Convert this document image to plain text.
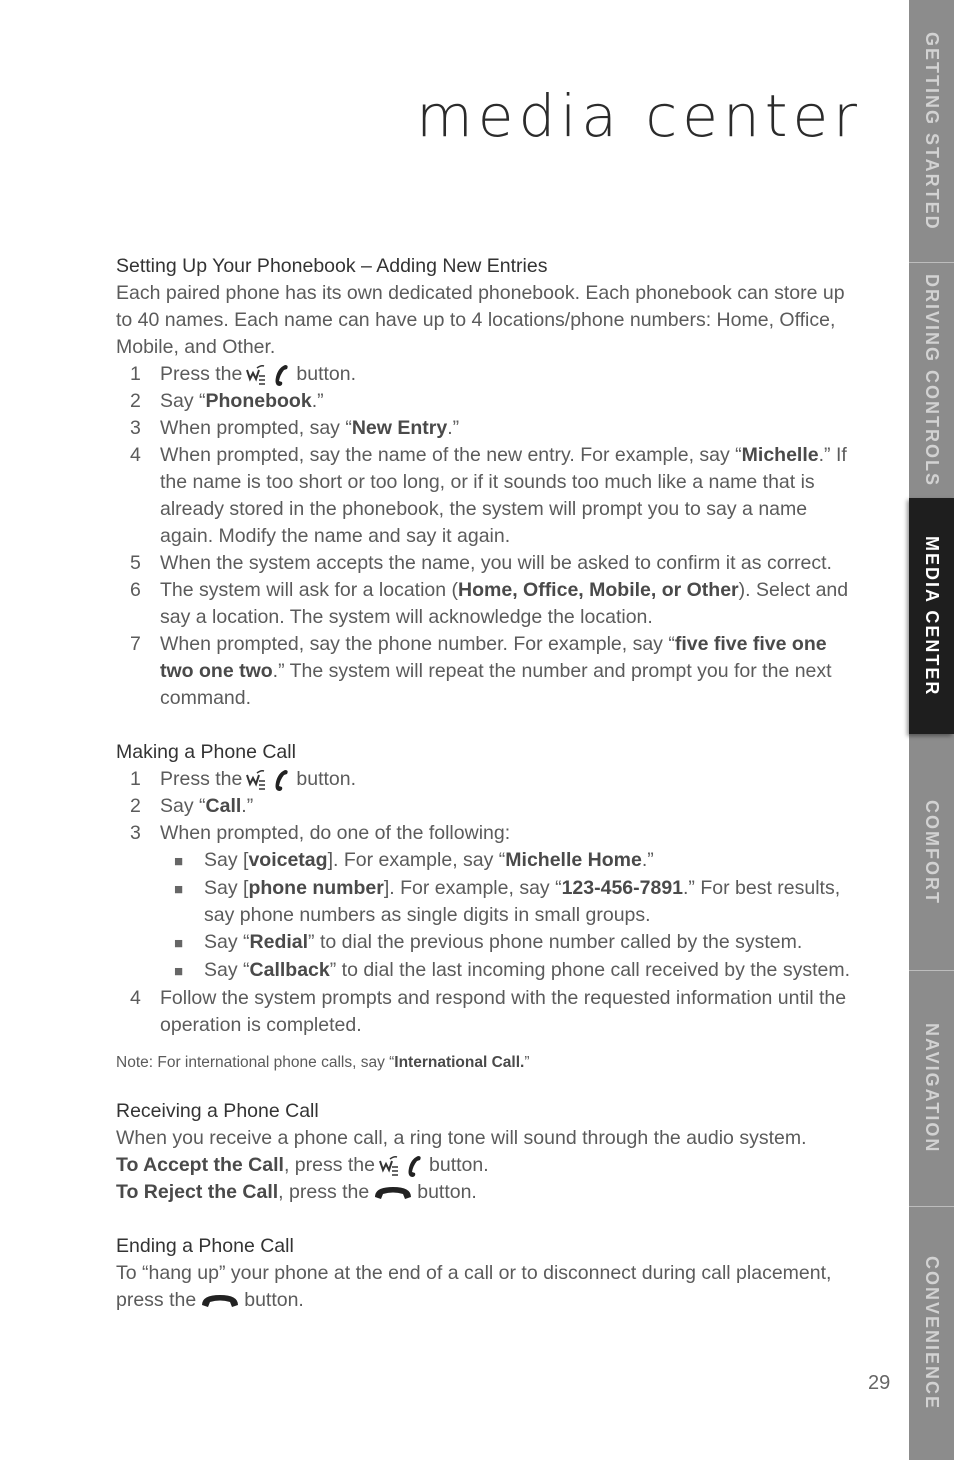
media center
Setting Up Your Phonebook – Adding New Entries
Each paired phone has its own dedicated phonebook. Each phonebook can store up to 40 names. Each name can have up to 4 locations/phone numbers: Home, Office, Mobile, and Other.
1 Press the	button.
2 Say “Phonebook.”
3 When prompted, say “New Entry.”
4 When prompted, say the name of the new entry. For example, say “Michelle.” If the name is too short or too long, or if it sounds too much like a name that is already stored in the phonebook, the system will prompt you to say a name again. Modify the name and say it again.
5 When the system accepts the name, you will be asked to confirm it as correct.
6 The system will ask for a location (Home, Office, Mobile, or Other). Select and say a location. The system will acknowledge the location.
7 When prompted, say the phone number. For example, say “five five five one two one two.” The system will repeat the number and prompt you for the next command.
Making a Phone Call
1 Press the	button.
2 Say “Call.”
3 When prompted, do one of the following:
■	Say [voicetag]. For example, say “Michelle Home.”
■	Say [phone number]. For example, say “123-456-7891.” For best results, say phone numbers as single digits in small groups.
■	Say “Redial” to dial the previous phone number called by the system.
■	Say “Callback” to dial the last incoming phone call received by the system.
4 Follow the system prompts and respond with the requested information until the operation is completed.
Note: For international phone calls, say “International Call.”
Receiving a Phone Call
When you receive a phone call, a ring tone will sound through the audio system.
To Accept the Call, press the	button.
To Reject the Call, press the button.
Ending a Phone Call
To “hang up” your phone at the end of a call or to disconnect during call placement, press the button.
29
GETTING STARTED
DRIVING CONTROLS
MEDIA CENTER
COMFORT
NAVIGATION
CONVENIENCE
